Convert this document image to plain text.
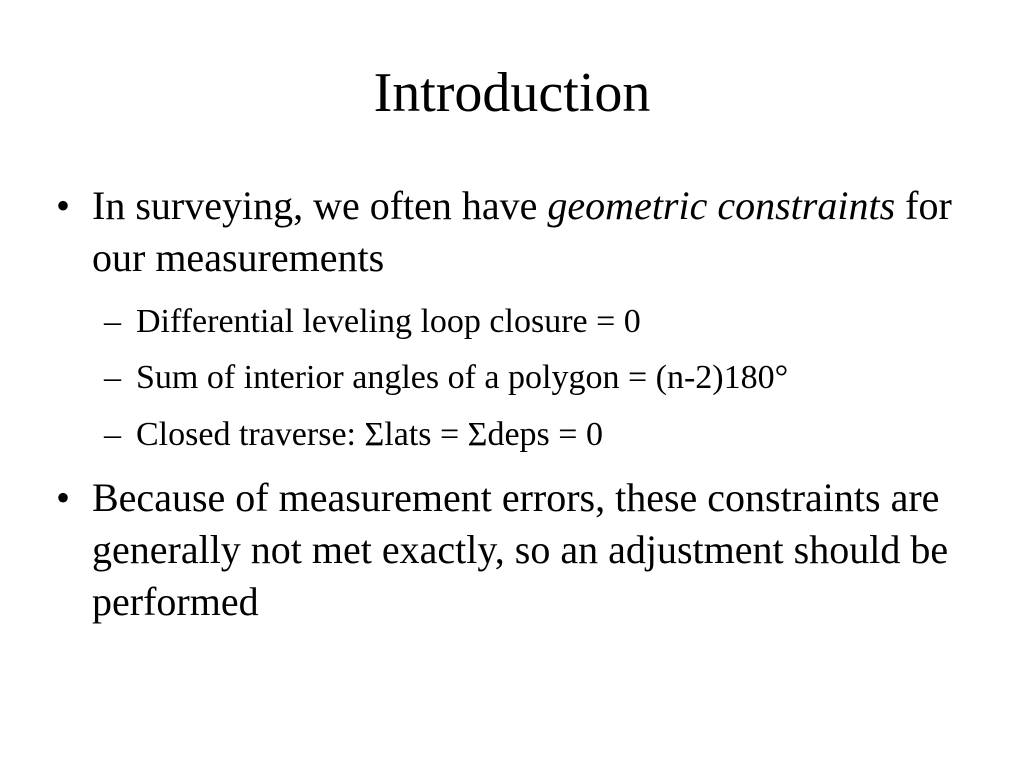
Introduction
• In surveying, we often have geometric constraints for our measurements
– Differential leveling loop closure = 0
– Sum of interior angles of a polygon = (n-2)180°
– Closed traverse: Σlats = Σdeps = 0
• Because of measurement errors, these constraints are generally not met exactly, so an adjustment should be performed
